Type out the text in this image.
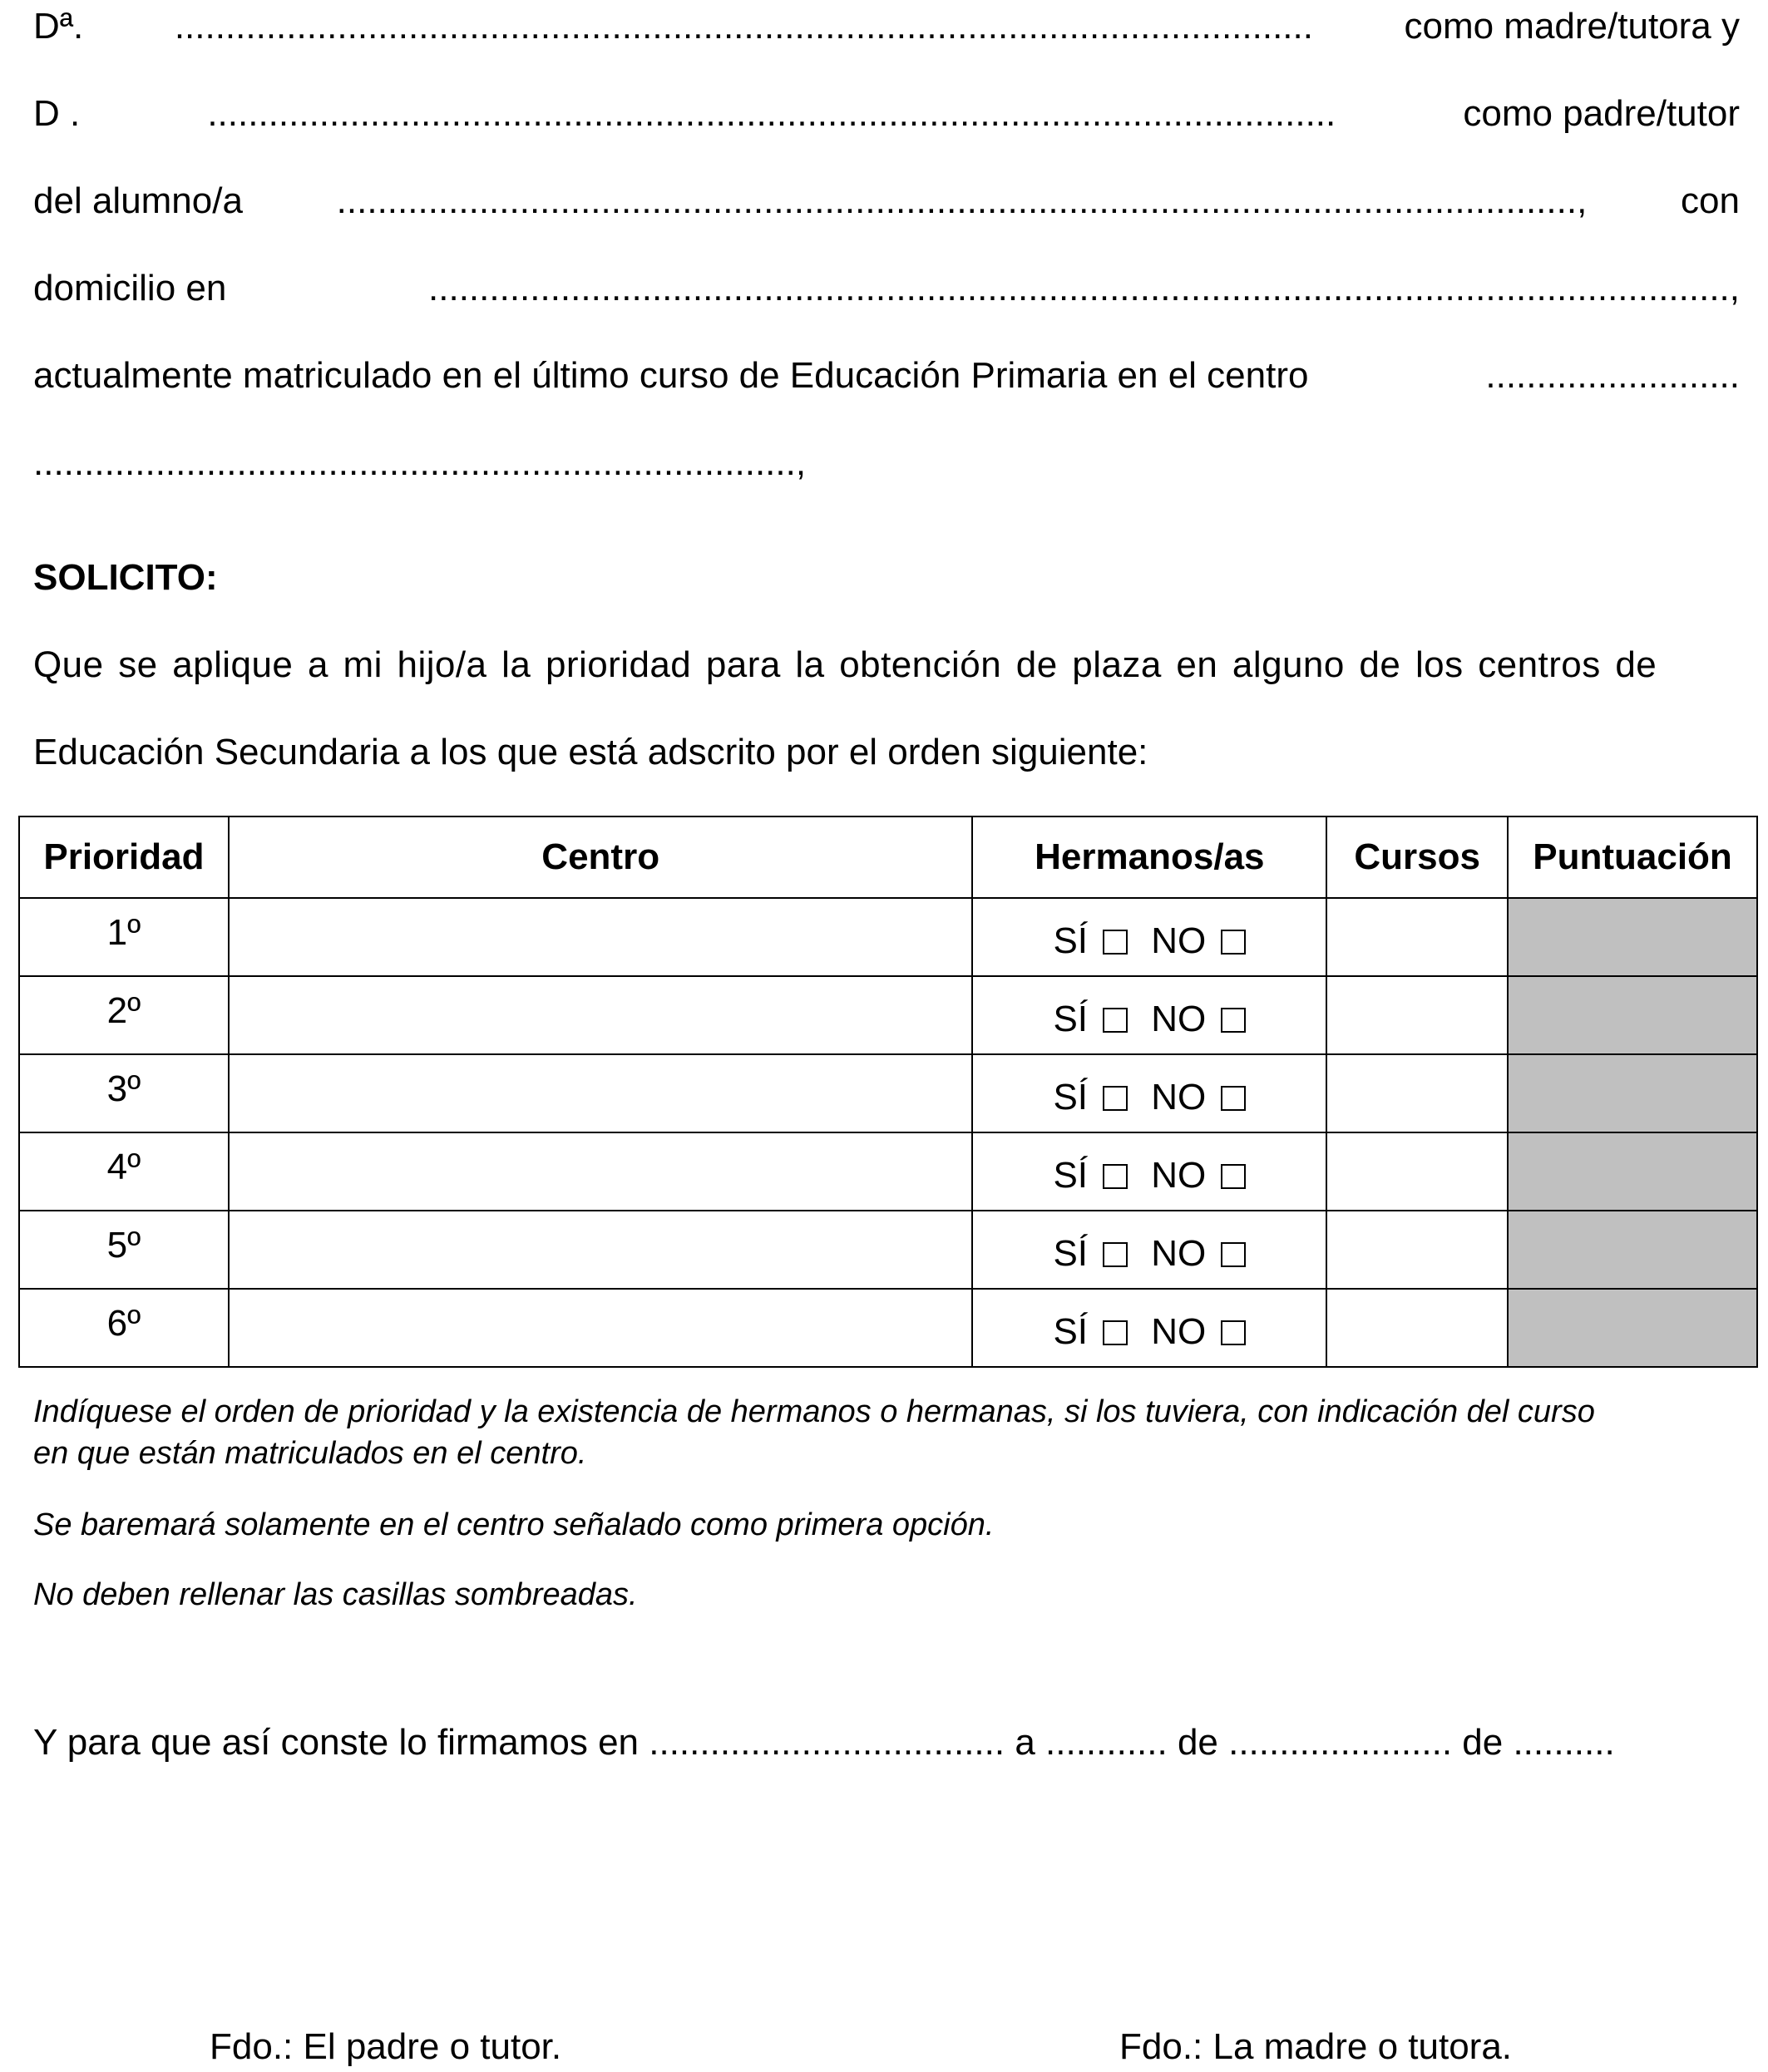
Dª. ................................................................................................................ como madre/tutora y
D .	...............................................................................................................	como padre/tutor
del alumno/a	..........................................................................................................................,	con
domicilio en	................................................................................................................................,
actualmente matriculado en el último curso de Educación Primaria en el centro	.........................
...........................................................................,
SOLICITO:
Que se aplique a mi hijo/a la prioridad para la obtención de plaza en alguno de los centros de
Educación Secundaria a los que está adscrito por el orden siguiente:
Prioridad	Centro	Hermanos/as	Cursos	Puntuación
1º		SÍ NO		
2º		SÍ NO		
3º		SÍ NO		
4º		SÍ NO		
5º		SÍ NO		
6º		SÍ NO		
Indíquese el orden de prioridad y la existencia de hermanos o hermanas, si los tuviera, con indicación del curso
en que están matriculados en el centro.
Se baremará solamente en el centro señalado como primera opción.
No deben rellenar las casillas sombreadas.
Y para que así conste lo firmamos en ................................... a ............ de ...................... de ..........
Fdo.: El padre o tutor.	Fdo.: La madre o tutora.
